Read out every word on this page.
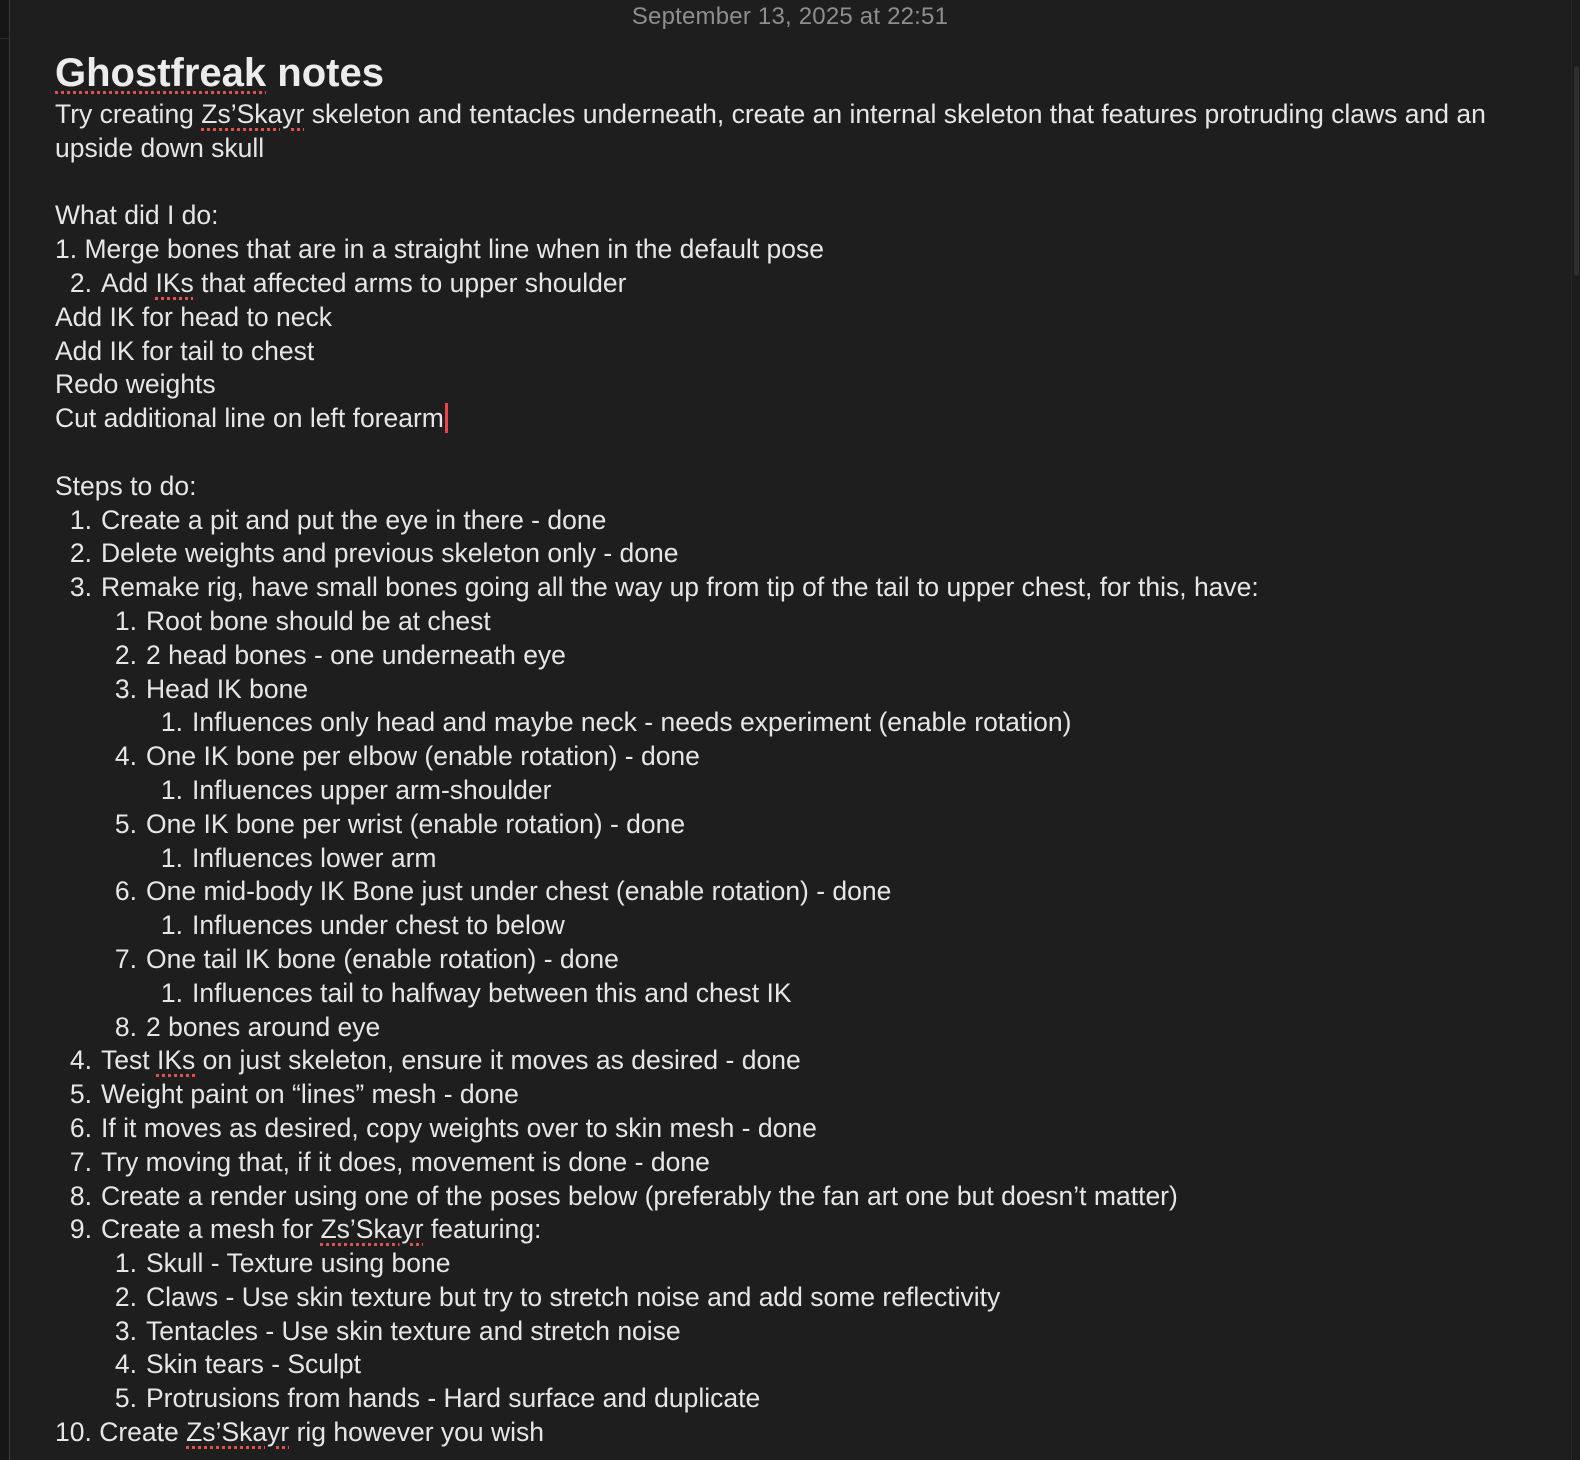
September 13, 2025 at 22:51
Ghostfreak notes
Try creating Zs’Skayr skeleton and tentacles underneath, create an internal skeleton that features protruding claws and an upside down skull
What did I do:
1. Merge bones that are in a straight line when in the default pose
2. Add IKs that affected arms to upper shoulder
Add IK for head to neck
Add IK for tail to chest
Redo weights
Cut additional line on left forearm
Steps to do:
1. Create a pit and put the eye in there - done
2. Delete weights and previous skeleton only - done
3. Remake rig, have small bones going all the way up from tip of the tail to upper chest, for this, have:
1. Root bone should be at chest
2. 2 head bones - one underneath eye
3. Head IK bone
1. Influences only head and maybe neck - needs experiment (enable rotation)
4. One IK bone per elbow (enable rotation) - done
1. Influences upper arm-shoulder
5. One IK bone per wrist (enable rotation) - done
1. Influences lower arm
6. One mid-body IK Bone just under chest (enable rotation) - done
1. Influences under chest to below
7. One tail IK bone (enable rotation) - done
1. Influences tail to halfway between this and chest IK
8. 2 bones around eye
4. Test IKs on just skeleton, ensure it moves as desired - done
5. Weight paint on “lines” mesh - done
6. If it moves as desired, copy weights over to skin mesh - done
7. Try moving that, if it does, movement is done - done
8. Create a render using one of the poses below (preferably the fan art one but doesn’t matter)
9. Create a mesh for Zs’Skayr featuring:
1. Skull - Texture using bone
2. Claws - Use skin texture but try to stretch noise and add some reflectivity
3. Tentacles - Use skin texture and stretch noise
4. Skin tears - Sculpt
5. Protrusions from hands - Hard surface and duplicate
10. Create Zs’Skayr rig however you wish
